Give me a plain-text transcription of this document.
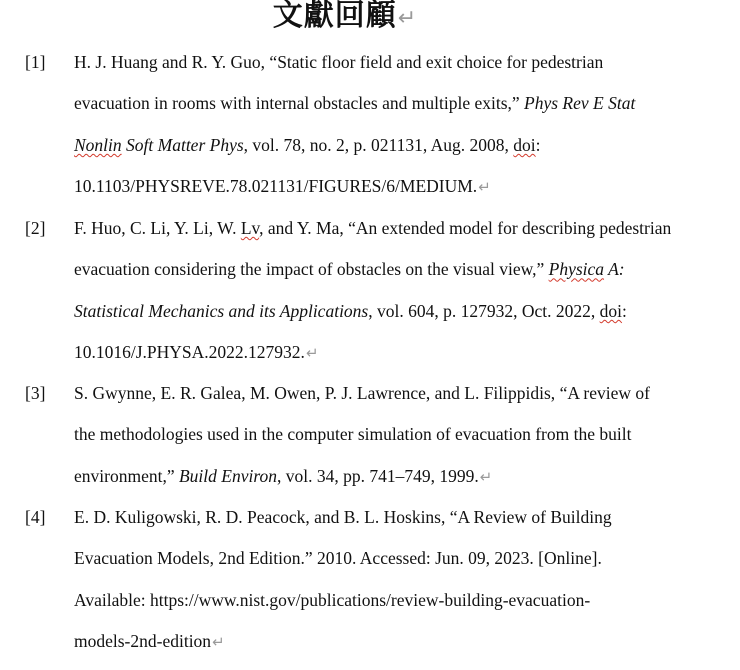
文獻回顧↵
[1] H. J. Huang and R. Y. Guo, “Static floor field and exit choice for pedestrian evacuation in rooms with internal obstacles and multiple exits,” Phys Rev E Stat Nonlin Soft Matter Phys, vol. 78, no. 2, p. 021131, Aug. 2008, doi: 10.1103/PHYSREVE.78.021131/FIGURES/6/MEDIUM.↵
[2] F. Huo, C. Li, Y. Li, W. Lv, and Y. Ma, “An extended model for describing pedestrian evacuation considering the impact of obstacles on the visual view,” Physica A: Statistical Mechanics and its Applications, vol. 604, p. 127932, Oct. 2022, doi: 10.1016/J.PHYSA.2022.127932.↵
[3] S. Gwynne, E. R. Galea, M. Owen, P. J. Lawrence, and L. Filippidis, “A review of the methodologies used in the computer simulation of evacuation from the built environment,” Build Environ, vol. 34, pp. 741–749, 1999.↵
[4] E. D. Kuligowski, R. D. Peacock, and B. L. Hoskins, “A Review of Building Evacuation Models, 2nd Edition.” 2010. Accessed: Jun. 09, 2023. [Online]. Available: https://www.nist.gov/publications/review-building-evacuation-
models-2nd-edition↵
